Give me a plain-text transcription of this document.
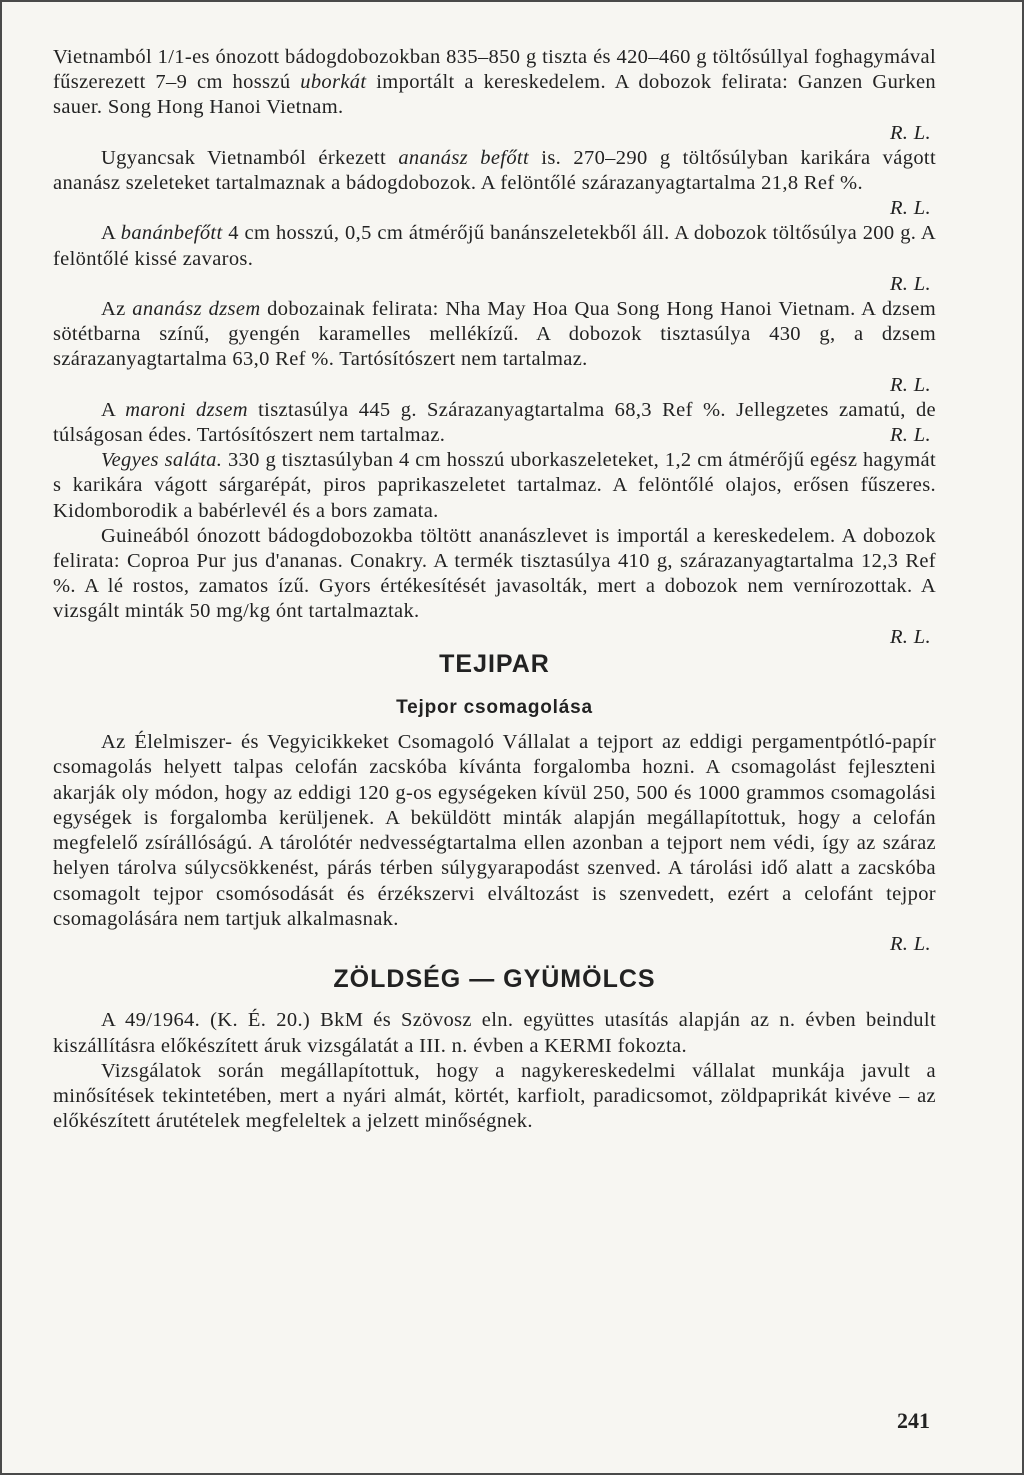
Vietnamból 1/1-es ónozott bádogdobozokban 835–850 g tiszta és 420–460 g töltősúllyal foghagymával fűszerezett 7–9 cm hosszú uborkát importált a kereskedelem. A dobozok felirata: Ganzen Gurken sauer. Song Hong Hanoi Vietnam.

R. L.

Ugyancsak Vietnamból érkezett ananász befőtt is. 270–290 g töltősúlyban karikára vágott ananász szeleteket tartalmaznak a bádogdobozok. A felöntőlé szárazanyagtartalma 21,8 Ref %.

R. L.

A banánbefőtt 4 cm hosszú, 0,5 cm átmérőjű banánszeletekből áll. A dobozok töltősúlya 200 g. A felöntőlé kissé zavaros.

R. L.

Az ananász dzsem dobozainak felirata: Nha May Hoa Qua Song Hong Hanoi Vietnam. A dzsem sötétbarna színű, gyengén karamelles mellékízű. A dobozok tisztasúlya 430 g, a dzsem szárazanyagtartalma 63,0 Ref %. Tartósítószert nem tartalmaz.

R. L.

A maroni dzsem tisztasúlya 445 g. Szárazanyagtartalma 68,3 Ref %. Jellegzetes zamatú, de túlságosan édes. Tartósítószert nem tartalmaz.	R. L.

Vegyes saláta. 330 g tisztasúlyban 4 cm hosszú uborkaszeleteket, 1,2 cm átmérőjű egész hagymát s karikára vágott sárgarépát, piros paprikaszeletet tartalmaz. A felöntőlé olajos, erősen fűszeres. Kidomborodik a babérlevél és a bors zamata.

Guineából ónozott bádogdobozokba töltött ananászlevet is importál a kereskedelem. A dobozok felirata: Coproa Pur jus d'ananas. Conakry. A termék tisztasúlya 410 g, szárazanyagtartalma 12,3 Ref %. A lé rostos, zamatos ízű. Gyors értékesítését javasolták, mert a dobozok nem vernírozottak. A vizsgált minták 50 mg/kg ónt tartalmaztak.

R. L.

TEJIPAR
Tejpor csomagolása

Az Élelmiszer- és Vegyicikkeket Csomagoló Vállalat a tejport az eddigi pergamentpótló-papír csomagolás helyett talpas celofán zacskóba kívánta forgalomba hozni. A csomagolást fejleszteni akarják oly módon, hogy az eddigi 120 g-os egységeken kívül 250, 500 és 1000 grammos csomagolási egységek is forgalomba kerüljenek. A beküldött minták alapján megállapítottuk, hogy a celofán megfelelő zsírállóságú. A tárolótér nedvességtartalma ellen azonban a tejport nem védi, így az száraz helyen tárolva súlycsökkenést, párás térben súlygyarapodást szenved. A tárolási idő alatt a zacskóba csomagolt tejpor csomósodását és érzékszervi elváltozást is szenvedett, ezért a celofánt tejpor csomagolására nem tartjuk alkalmasnak.

R. L.

ZÖLDSÉG — GYÜMÖLCS

A 49/1964. (K. É. 20.) BkM és Szövosz eln. együttes utasítás alapján az n. évben beindult kiszállításra előkészített áruk vizsgálatát a III. n. évben a KERMI fokozta.

Vizsgálatok során megállapítottuk, hogy a nagykereskedelmi vállalat munkája javult a minősítések tekintetében, mert a nyári almát, körtét, karfiolt, paradicsomot, zöldpaprikát kivéve – az előkészített árutételek megfeleltek a jelzett minőségnek.

241
